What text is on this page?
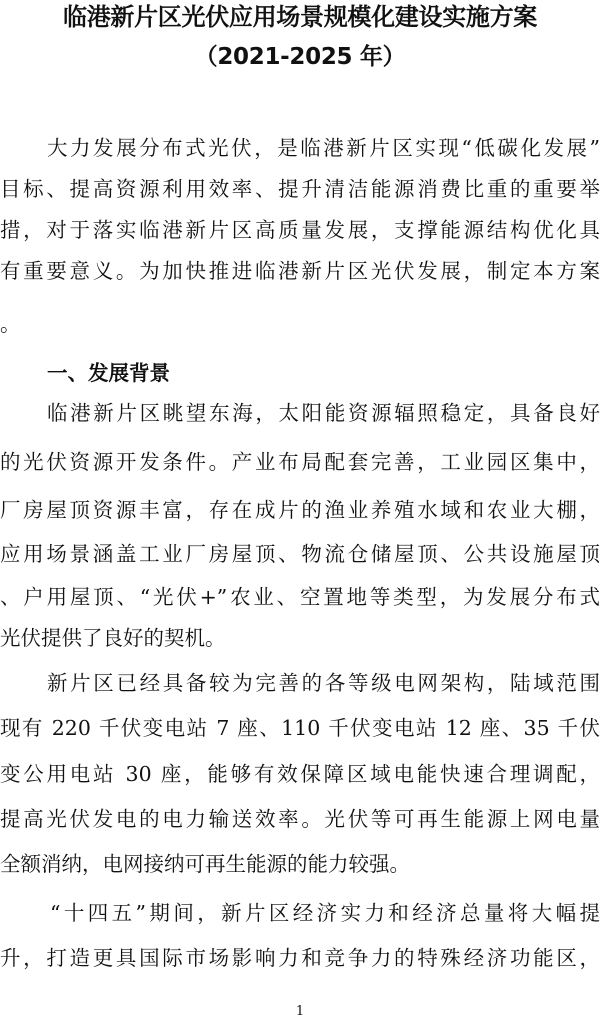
临港新片区光伏应用场景规模化建设实施方案
（2021-2025 年）
大力发展分布式光伏，是临港新片区实现“低碳化发展”
目标、提高资源利用效率、提升清洁能源消费比重的重要举
措，对于落实临港新片区高质量发展，支撑能源结构优化具
有重要意义。为加快推进临港新片区光伏发展，制定本方案
。
一、发展背景
临港新片区眺望东海，太阳能资源辐照稳定，具备良好
的光伏资源开发条件。产业布局配套完善，工业园区集中，
厂房屋顶资源丰富，存在成片的渔业养殖水域和农业大棚，
应用场景涵盖工业厂房屋顶、物流仓储屋顶、公共设施屋顶
、户用屋顶、“光伏+”农业、空置地等类型，为发展分布式
光伏提供了良好的契机。
新片区已经具备较为完善的各等级电网架构，陆域范围
现有 220 千伏变电站 7 座、110 千伏变电站 12 座、35 千伏
变公用电站 30 座，能够有效保障区域电能快速合理调配，
提高光伏发电的电力输送效率。光伏等可再生能源上网电量
全额消纳，电网接纳可再生能源的能力较强。
“十四五”期间，新片区经济实力和经济总量将大幅提
升，打造更具国际市场影响力和竞争力的特殊经济功能区，
1
